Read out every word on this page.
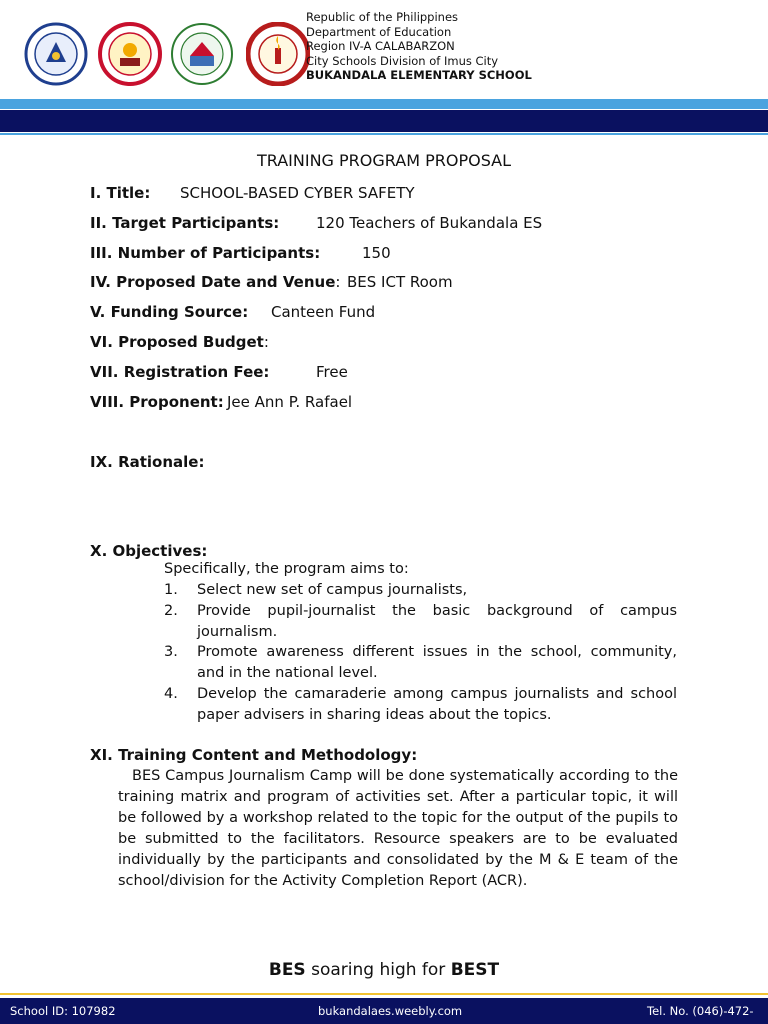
Republic of the Philippines
Department of Education
Region IV-A CALABARZON
City Schools Division of Imus City
BUKANDALA ELEMENTARY SCHOOL
TRAINING PROGRAM PROPOSAL
I. Title: SCHOOL-BASED CYBER SAFETY
II. Target Participants: 120 Teachers of Bukandala ES
III. Number of Participants:	150
IV. Proposed Date and Venue: BES ICT Room
V. Funding Source: Canteen Fund
VI. Proposed Budget:
VII. Registration Fee:	Free
VIII. Proponent: Jee Ann P. Rafael
IX. Rationale:
X. Objectives:
Specifically, the program aims to:
1. Select new set of campus journalists,
2. Provide pupil-journalist the basic background of campus journalism.
3. Promote awareness different issues in the school, community, and in the national level.
4. Develop the camaraderie among campus journalists and school paper advisers in sharing ideas about the topics.
XI. Training Content and Methodology:
BES Campus Journalism Camp will be done systematically according to the training matrix and program of activities set. After a particular topic, it will be followed by a workshop related to the topic for the output of the pupils to be submitted to the facilitators. Resource speakers are to be evaluated individually by the participants and consolidated by the M & E team of the school/division for the Activity Completion Report (ACR).
BES soaring high for BEST
School ID: 107982	bukandalaes.weebly.com	Tel. No. (046)-472-
